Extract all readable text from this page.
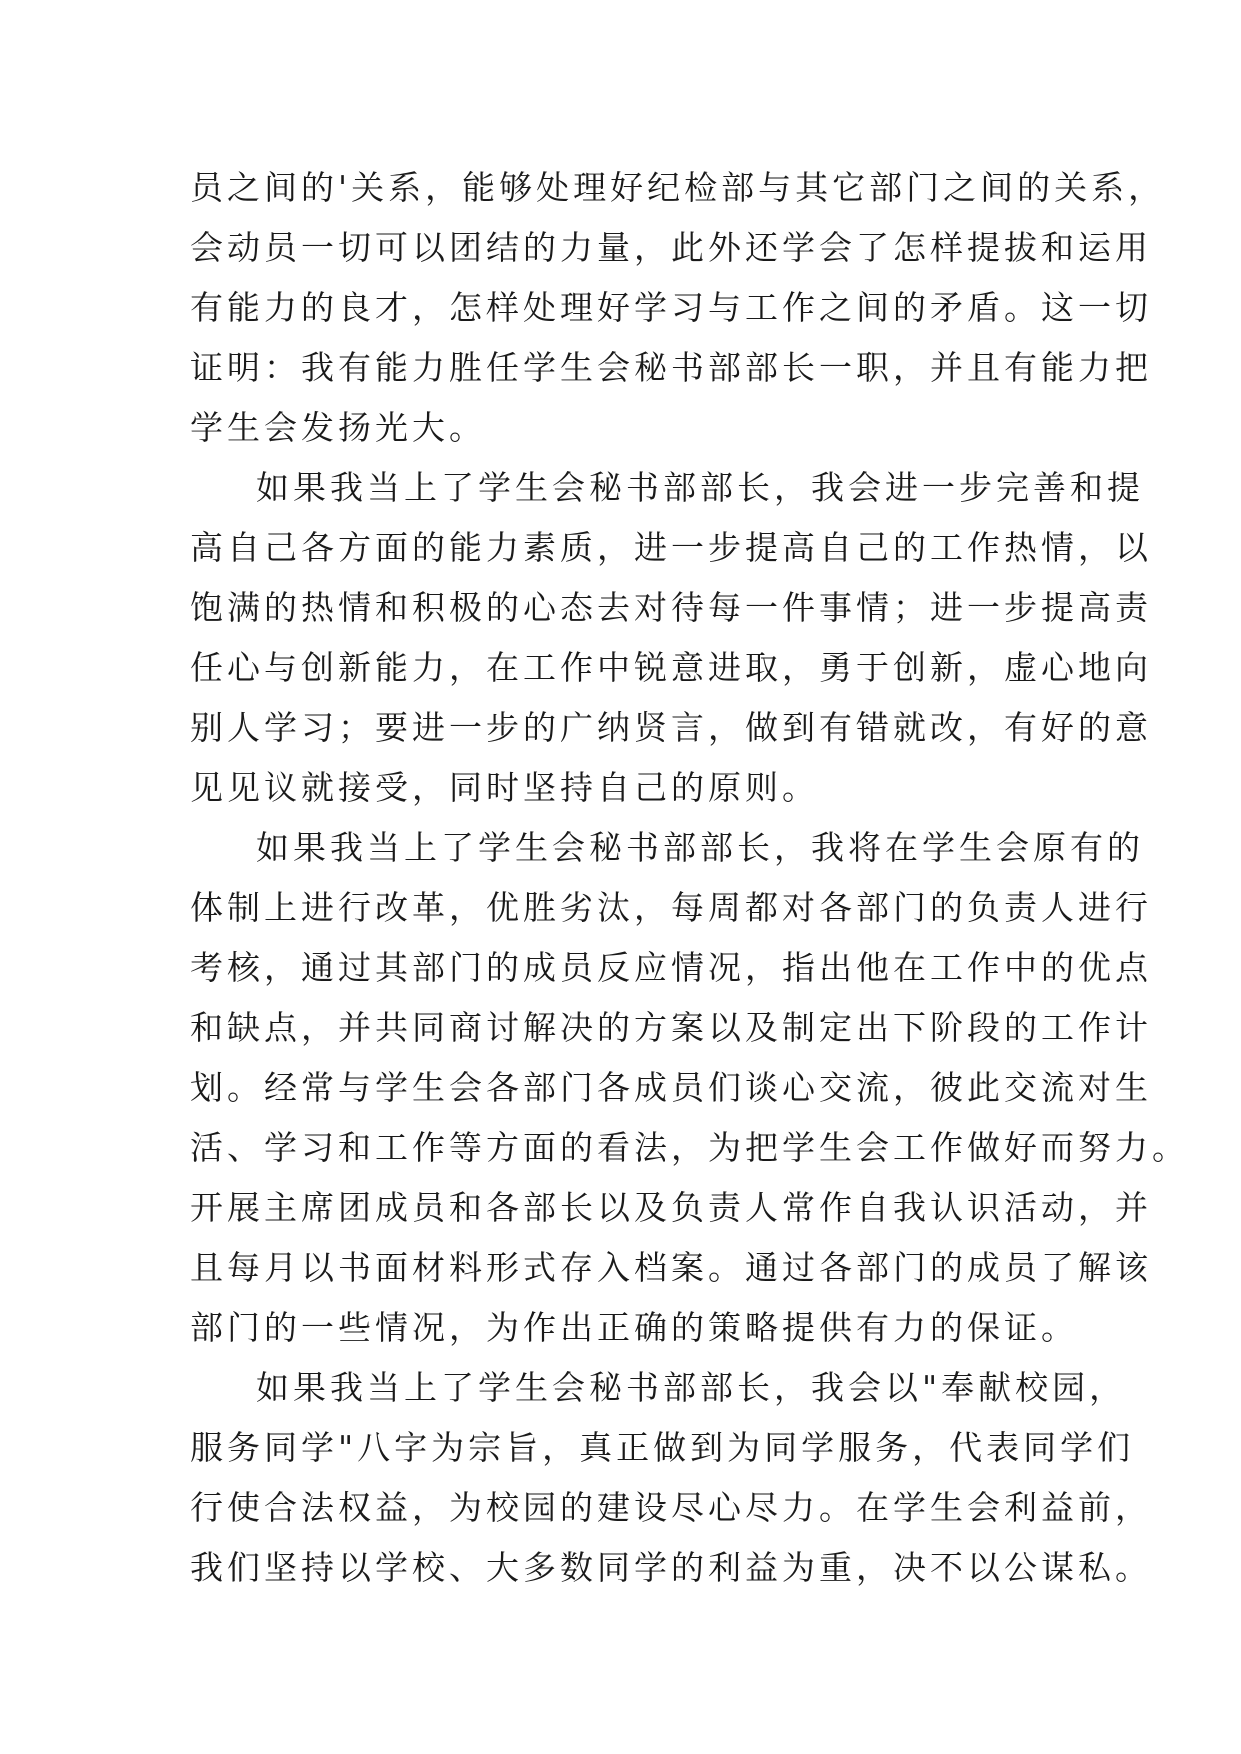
员之间的'关系，能够处理好纪检部与其它部门之间的关系，
会动员一切可以团结的力量，此外还学会了怎样提拔和运用
有能力的良才，怎样处理好学习与工作之间的矛盾。这一切
证明：我有能力胜任学生会秘书部部长一职，并且有能力把
学生会发扬光大。
如果我当上了学生会秘书部部长，我会进一步完善和提
高自己各方面的能力素质，进一步提高自己的工作热情，以
饱满的热情和积极的心态去对待每一件事情；进一步提高责
任心与创新能力，在工作中锐意进取，勇于创新，虚心地向
别人学习；要进一步的广纳贤言，做到有错就改，有好的意
见见议就接受，同时坚持自己的原则。
如果我当上了学生会秘书部部长，我将在学生会原有的
体制上进行改革，优胜劣汰，每周都对各部门的负责人进行
考核，通过其部门的成员反应情况，指出他在工作中的优点
和缺点，并共同商讨解决的方案以及制定出下阶段的工作计
划。经常与学生会各部门各成员们谈心交流，彼此交流对生
活、学习和工作等方面的看法，为把学生会工作做好而努力。
开展主席团成员和各部长以及负责人常作自我认识活动，并
且每月以书面材料形式存入档案。通过各部门的成员了解该
部门的一些情况，为作出正确的策略提供有力的保证。
如果我当上了学生会秘书部部长，我会以"奉献校园，
服务同学"八字为宗旨，真正做到为同学服务，代表同学们
行使合法权益，为校园的建设尽心尽力。在学生会利益前，
我们坚持以学校、大多数同学的利益为重，决不以公谋私。
